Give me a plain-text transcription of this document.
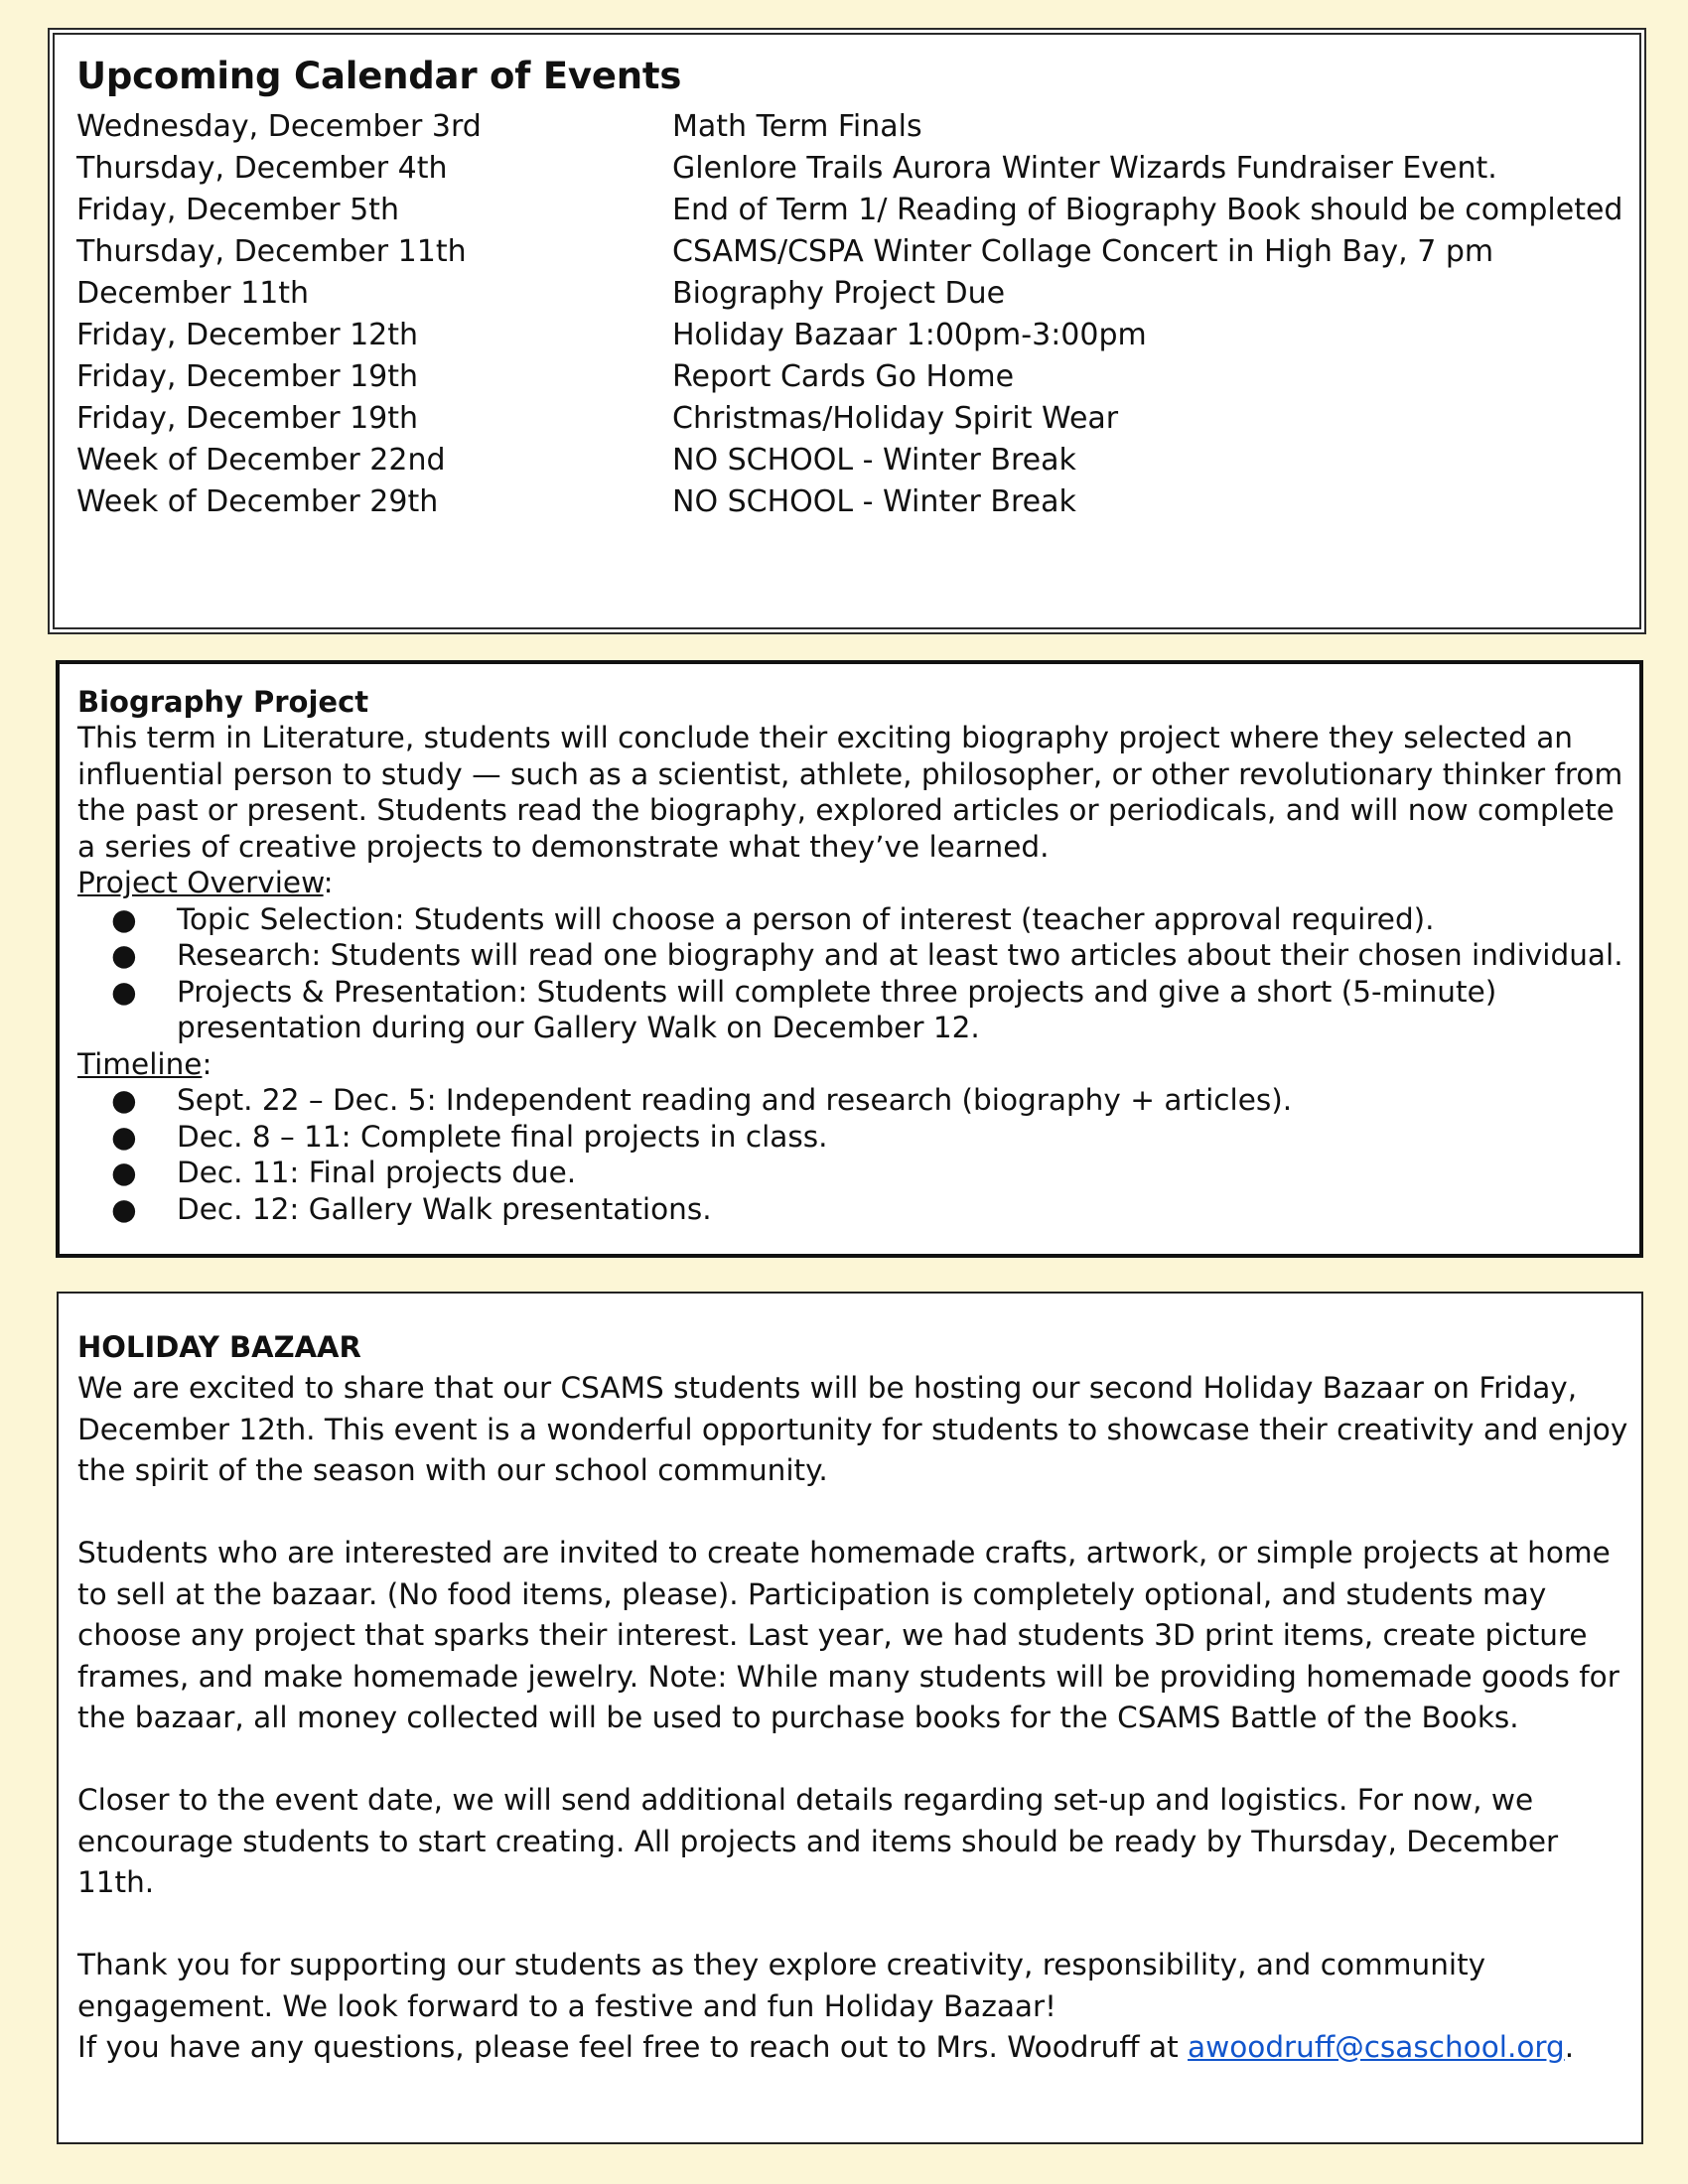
Upcoming Calendar of Events
Wednesday, December 3rd	Math Term Finals
Thursday, December 4th	Glenlore Trails Aurora Winter Wizards Fundraiser Event.
Friday, December 5th	End of Term 1/ Reading of Biography Book should be completed
Thursday, December 11th	CSAMS/CSPA Winter Collage Concert in High Bay, 7 pm
December 11th	Biography Project Due
Friday, December 12th	Holiday Bazaar 1:00pm-3:00pm
Friday, December 19th	Report Cards Go Home
Friday, December 19th	Christmas/Holiday Spirit Wear
Week of December 22nd	NO SCHOOL - Winter Break
Week of December 29th	NO SCHOOL - Winter Break
Biography Project

This term in Literature, students will conclude their exciting biography project where they selected an influential person to study — such as a scientist, athlete, philosopher, or other revolutionary thinker from the past or present. Students read the biography, explored articles or periodicals, and will now complete a series of creative projects to demonstrate what they’ve learned.

Project Overview:
● Topic Selection: Students will choose a person of interest (teacher approval required).
● Research: Students will read one biography and at least two articles about their chosen individual.
● Projects & Presentation: Students will complete three projects and give a short (5-minute) presentation during our Gallery Walk on December 12.
Timeline:
● Sept. 22 – Dec. 5: Independent reading and research (biography + articles).
● Dec. 8 – 11: Complete final projects in class.
● Dec. 11: Final projects due.
● Dec. 12: Gallery Walk presentations.
HOLIDAY BAZAAR

We are excited to share that our CSAMS students will be hosting our second Holiday Bazaar on Friday, December 12th. This event is a wonderful opportunity for students to showcase their creativity and enjoy the spirit of the season with our school community.

Students who are interested are invited to create homemade crafts, artwork, or simple projects at home to sell at the bazaar. (No food items, please). Participation is completely optional, and students may choose any project that sparks their interest. Last year, we had students 3D print items, create picture frames, and make homemade jewelry. Note: While many students will be providing homemade goods for the bazaar, all money collected will be used to purchase books for the CSAMS Battle of the Books.

Closer to the event date, we will send additional details regarding set-up and logistics. For now, we encourage students to start creating. All projects and items should be ready by Thursday, December 11th.

Thank you for supporting our students as they explore creativity, responsibility, and community engagement. We look forward to a festive and fun Holiday Bazaar!

If you have any questions, please feel free to reach out to Mrs. Woodruff at awoodruff@csaschool.org.
